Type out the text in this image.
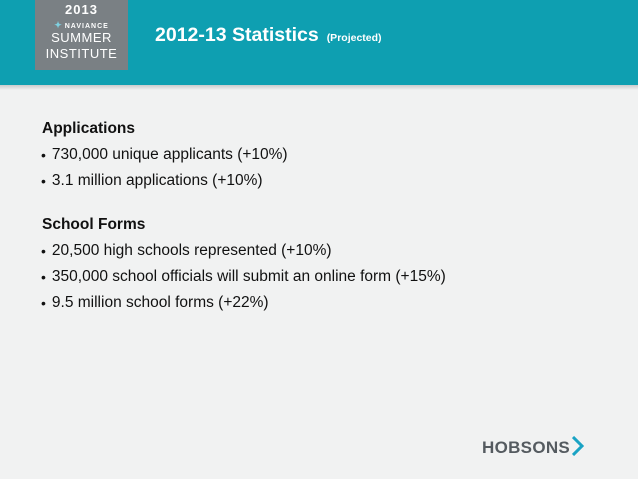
2013
✦ NAVIANCE
SUMMER
INSTITUTE
2012-13 Statistics (Projected)
Applications
• 730,000 unique applicants (+10%)
• 3.1 million applications (+10%)
School Forms
• 20,500 high schools represented (+10%)
• 350,000 school officials will submit an online form (+15%)
• 9.5 million school forms (+22%)
HOBSONS
